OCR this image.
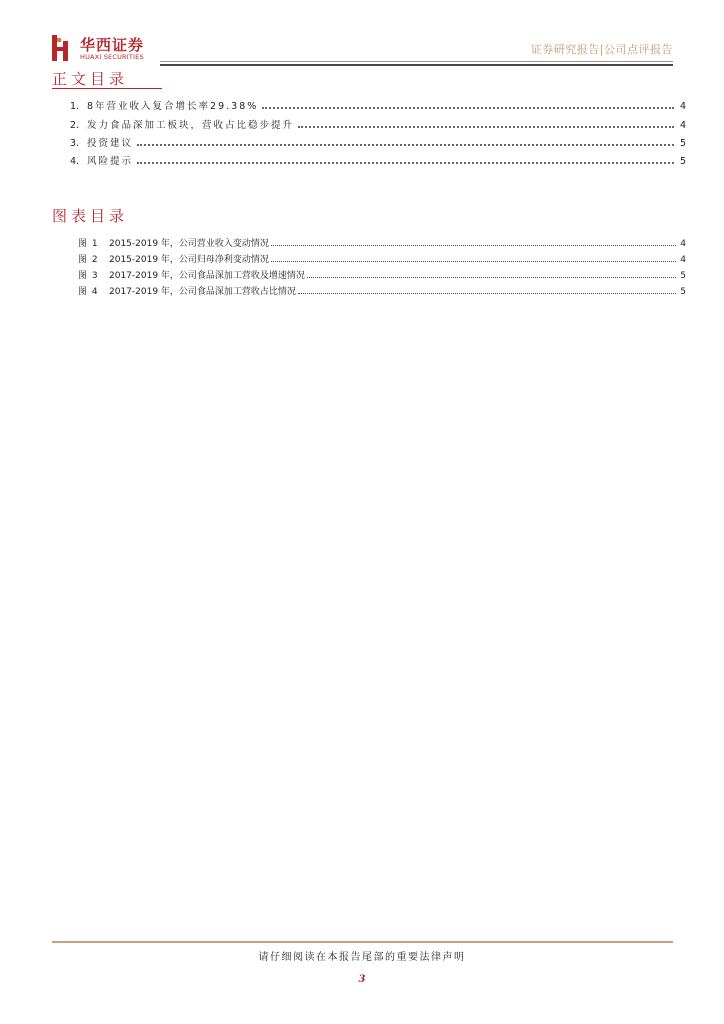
华西证券
HUAXI SECURITIES
证券研究报告|公司点评报告
正文目录
1. 8年营业收入复合增长率29.38%	4
2. 发力食品深加工板块，营收占比稳步提升	4
3. 投资建议	5
4. 风险提示	5
图表目录
图 1	2015-2019 年，公司营业收入变动情况	4
图 2	2015-2019 年，公司归母净利变动情况	4
图 3	2017-2019 年，公司食品深加工营收及增速情况	5
图 4	2017-2019 年，公司食品深加工营收占比情况	5
请仔细阅读在本报告尾部的重要法律声明
3
